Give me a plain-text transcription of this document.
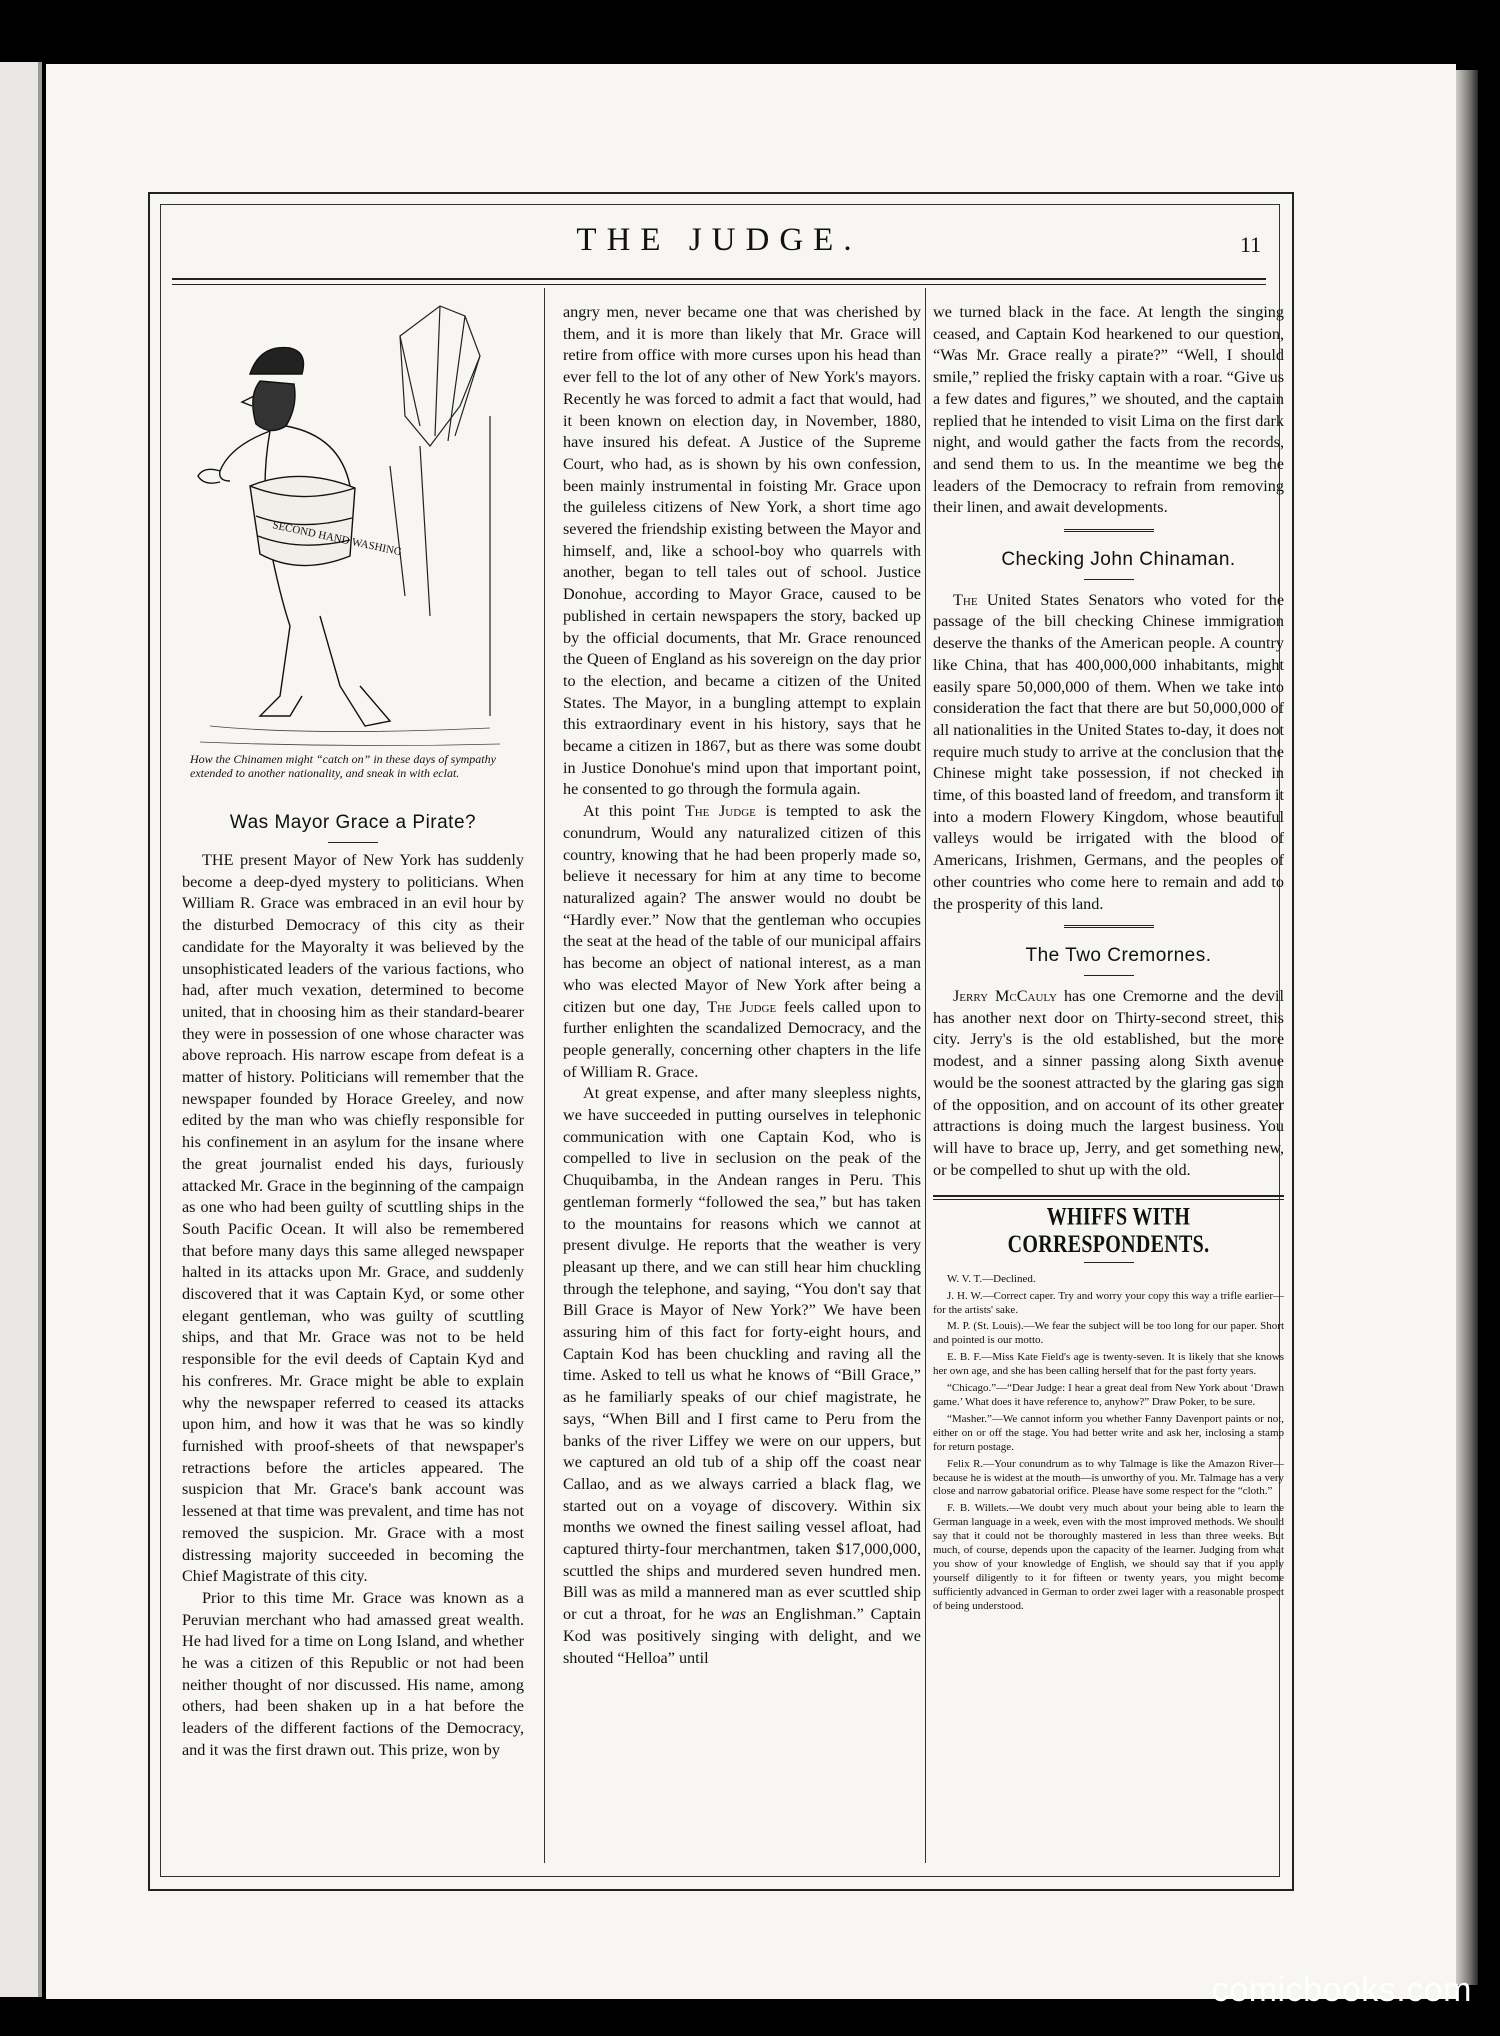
THE JUDGE.	11
SECOND HAND WASHING
How the Chinamen might “catch on” in these days of sympathy extended to another nationality, and sneak in with eclat.

Was Mayor Grace a Pirate?

THE present Mayor of New York has suddenly become a deep-dyed mystery to politicians. When William R. Grace was embraced in an evil hour by the disturbed Democracy of this city as their candidate for the Mayoralty it was believed by the unsophisticated leaders of the various factions, who had, after much vexation, determined to become united, that in choosing him as their standard-bearer they were in possession of one whose character was above reproach. His narrow escape from defeat is a matter of history. Politicians will remember that the newspaper founded by Horace Greeley, and now edited by the man who was chiefly responsible for his confinement in an asylum for the insane where the great journalist ended his days, furiously attacked Mr. Grace in the beginning of the campaign as one who had been guilty of scuttling ships in the South Pacific Ocean. It will also be remembered that before many days this same alleged newspaper halted in its attacks upon Mr. Grace, and suddenly discovered that it was Captain Kyd, or some other elegant gentleman, who was guilty of scuttling ships, and that Mr. Grace was not to be held responsible for the evil deeds of Captain Kyd and his confreres. Mr. Grace might be able to explain why the newspaper referred to ceased its attacks upon him, and how it was that he was so kindly furnished with proof-sheets of that newspaper's retractions before the articles appeared. The suspicion that Mr. Grace's bank account was lessened at that time was prevalent, and time has not removed the suspicion. Mr. Grace with a most distressing majority succeeded in becoming the Chief Magistrate of this city.

Prior to this time Mr. Grace was known as a Peruvian merchant who had amassed great wealth. He had lived for a time on Long Island, and whether he was a citizen of this Republic or not had been neither thought of nor discussed. His name, among others, had been shaken up in a hat before the leaders of the different factions of the Democracy, and it was the first drawn out. This prize, won by

angry men, never became one that was cherished by them, and it is more than likely that Mr. Grace will retire from office with more curses upon his head than ever fell to the lot of any other of New York's mayors. Recently he was forced to admit a fact that would, had it been known on election day, in November, 1880, have insured his defeat. A Justice of the Supreme Court, who had, as is shown by his own confession, been mainly instrumental in foisting Mr. Grace upon the guileless citizens of New York, a short time ago severed the friendship existing between the Mayor and himself, and, like a school-boy who quarrels with another, began to tell tales out of school. Justice Donohue, according to Mayor Grace, caused to be published in certain newspapers the story, backed up by the official documents, that Mr. Grace renounced the Queen of England as his sovereign on the day prior to the election, and became a citizen of the United States. The Mayor, in a bungling attempt to explain this extraordinary event in his history, says that he became a citizen in 1867, but as there was some doubt in Justice Donohue's mind upon that important point, he consented to go through the formula again.

At this point The Judge is tempted to ask the conundrum, Would any naturalized citizen of this country, knowing that he had been properly made so, believe it necessary for him at any time to become naturalized again? The answer would no doubt be “Hardly ever.” Now that the gentleman who occupies the seat at the head of the table of our municipal affairs has become an object of national interest, as a man who was elected Mayor of New York after being a citizen but one day, The Judge feels called upon to further enlighten the scandalized Democracy, and the people generally, concerning other chapters in the life of William R. Grace.

At great expense, and after many sleepless nights, we have succeeded in putting ourselves in telephonic communication with one Captain Kod, who is compelled to live in seclusion on the peak of the Chuquibamba, in the Andean ranges in Peru. This gentleman formerly “followed the sea,” but has taken to the mountains for reasons which we cannot at present divulge. He reports that the weather is very pleasant up there, and we can still hear him chuckling through the telephone, and saying, “You don't say that Bill Grace is Mayor of New York?” We have been assuring him of this fact for forty-eight hours, and Captain Kod has been chuckling and raving all the time. Asked to tell us what he knows of “Bill Grace,” as he familiarly speaks of our chief magistrate, he says, “When Bill and I first came to Peru from the banks of the river Liffey we were on our uppers, but we captured an old tub of a ship off the coast near Callao, and as we always carried a black flag, we started out on a voyage of discovery. Within six months we owned the finest sailing vessel afloat, had captured thirty-four merchantmen, taken $17,000,000, scuttled the ships and murdered seven hundred men. Bill was as mild a mannered man as ever scuttled ship or cut a throat, for he was an Englishman.” Captain Kod was positively singing with delight, and we shouted “Helloa” until

we turned black in the face. At length the singing ceased, and Captain Kod hearkened to our question, “Was Mr. Grace really a pirate?” “Well, I should smile,” replied the frisky captain with a roar. “Give us a few dates and figures,” we shouted, and the captain replied that he intended to visit Lima on the first dark night, and would gather the facts from the records, and send them to us. In the meantime we beg the leaders of the Democracy to refrain from removing their linen, and await developments.

Checking John Chinaman.

The United States Senators who voted for the passage of the bill checking Chinese immigration deserve the thanks of the American people. A country like China, that has 400,000,000 inhabitants, might easily spare 50,000,000 of them. When we take into consideration the fact that there are but 50,000,000 of all nationalities in the United States to-day, it does not require much study to arrive at the conclusion that the Chinese might take possession, if not checked in time, of this boasted land of freedom, and transform it into a modern Flowery Kingdom, whose beautiful valleys would be irrigated with the blood of Americans, Irishmen, Germans, and the peoples of other countries who come here to remain and add to the prosperity of this land.

The Two Cremornes.

Jerry McCauly has one Cremorne and the devil has another next door on Thirty-second street, this city. Jerry's is the old established, but the more modest, and a sinner passing along Sixth avenue would be the soonest attracted by the glaring gas sign of the opposition, and on account of its other greater attractions is doing much the largest business. You will have to brace up, Jerry, and get something new, or be compelled to shut up with the old.

WHIFFS WITH CORRESPONDENTS.

W. V. T.—Declined.

J. H. W.—Correct caper. Try and worry your copy this way a trifle earlier—for the artists' sake.

M. P. (St. Louis).—We fear the subject will be too long for our paper. Short and pointed is our motto.

E. B. F.—Miss Kate Field's age is twenty-seven. It is likely that she knows her own age, and she has been calling herself that for the past forty years.

“Chicago.”—“Dear Judge: I hear a great deal from New York about ‘Drawn game.’ What does it have reference to, anyhow?” Draw Poker, to be sure.

“Masher.”—We cannot inform you whether Fanny Davenport paints or not, either on or off the stage. You had better write and ask her, inclosing a stamp for return postage.

Felix R.—Your conundrum as to why Talmage is like the Amazon River—because he is widest at the mouth—is unworthy of you. Mr. Talmage has a very close and narrow gabatorial orifice. Please have some respect for the “cloth.”

F. B. Willets.—We doubt very much about your being able to learn the German language in a week, even with the most improved methods. We should say that it could not be thoroughly mastered in less than three weeks. But much, of course, depends upon the capacity of the learner. Judging from what you show of your knowledge of English, we should say that if you apply yourself diligently to it for fifteen or twenty years, you might become sufficiently advanced in German to order zwei lager with a reasonable prospect of being understood.

comicbooks.com
